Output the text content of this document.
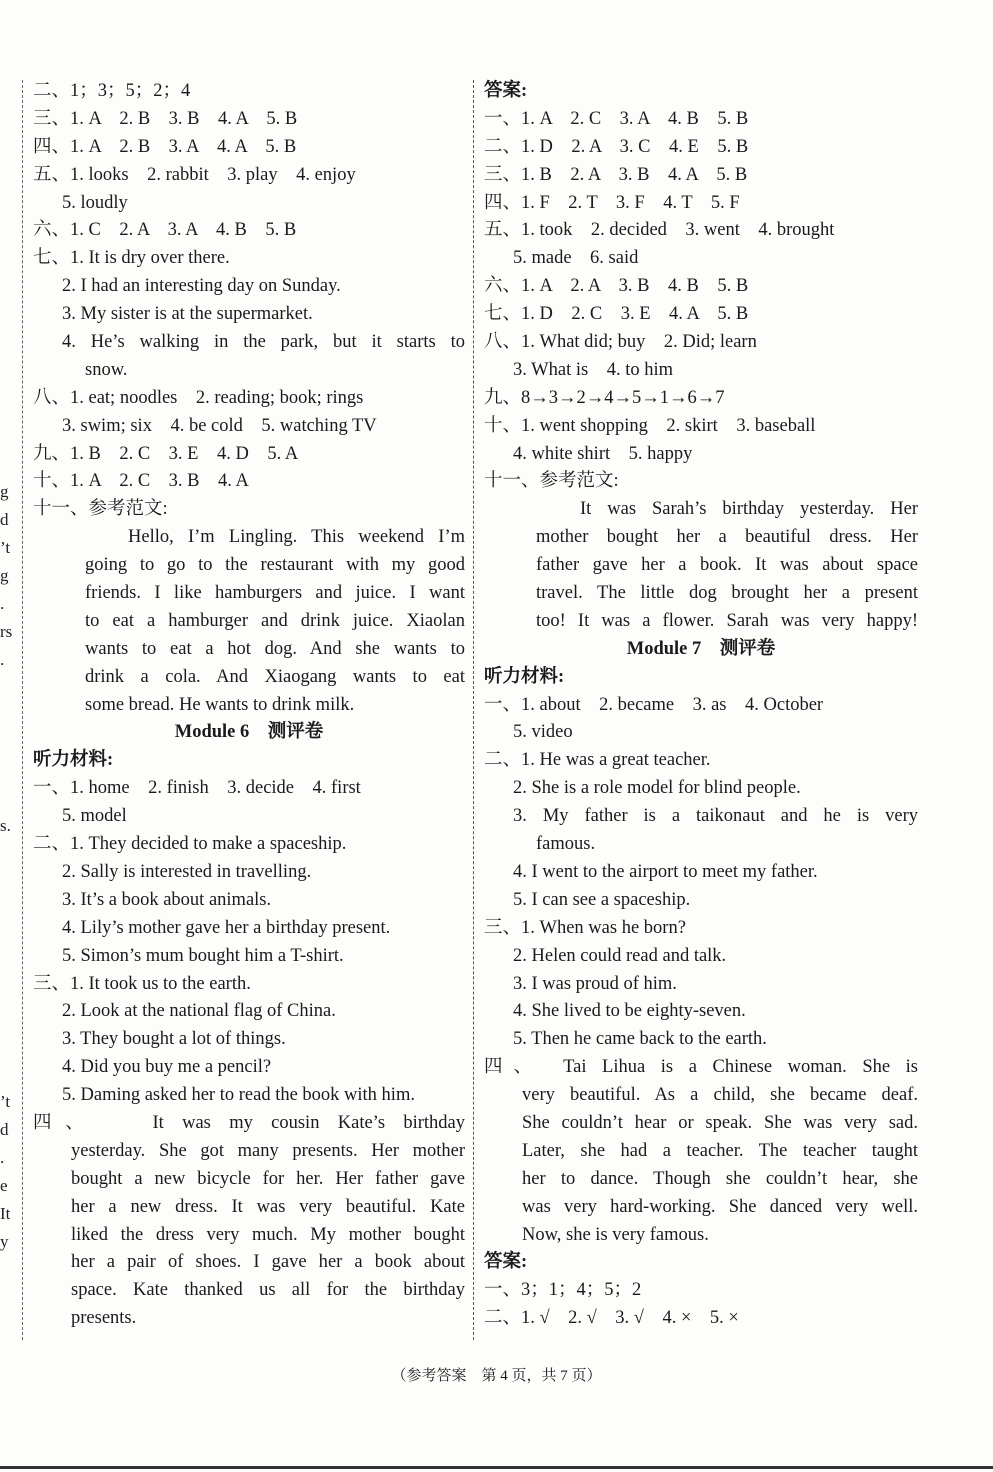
g
d
’t
g
.
rs
.
s.
’t
d
.
e
It
y
二、1；3；5；2；4
三、1. A　2. B　3. B　4. A　5. B
四、1. A　2. B　3. A　4. A　5. B
五、1. looks　2. rabbit　3. play　4. enjoy
5. loudly
六、1. C　2. A　3. A　4. B　5. B
七、1. It is dry over there.
2. I had an interesting day on Sunday.
3. My sister is at the supermarket.
4. He’s walking in the park, but it starts to
snow.
八、1. eat; noodles　2. reading; book; rings
3. swim; six　4. be cold　5. watching TV
九、1. B　2. C　3. E　4. D　5. A
十、1. A　2. C　3. B　4. A
十一、参考范文:
Hello, I’m Lingling. This weekend I’m
going to go to the restaurant with my good
friends. I like hamburgers and juice. I want
to eat a hamburger and drink juice. Xiaolan
wants to eat a hot dog. And she wants to
drink a cola. And Xiaogang wants to eat
some bread. He wants to drink milk.
Module 6　测评卷
听力材料:
一、1. home　2. finish　3. decide　4. first
5. model
二、1. They decided to make a spaceship.
2. Sally is interested in travelling.
3. It’s a book about animals.
4. Lily’s mother gave her a birthday present.
5. Simon’s mum bought him a T-shirt.
三、1. It took us to the earth.
2. Look at the national flag of China.
3. They bought a lot of things.
4. Did you buy me a pencil?
5. Daming asked her to read the book with him.
四、　　It was my cousin Kate’s birthday
yesterday. She got many presents. Her mother
bought a new bicycle for her. Her father gave
her a new dress. It was very beautiful. Kate
liked the dress very much. My mother bought
her a pair of shoes. I gave her a book about
space. Kate thanked us all for the birthday
presents.
答案:
一、1. A　2. C　3. A　4. B　5. B
二、1. D　2. A　3. C　4. E　5. B
三、1. B　2. A　3. B　4. A　5. B
四、1. F　2. T　3. F　4. T　5. F
五、1. took　2. decided　3. went　4. brought
5. made　6. said
六、1. A　2. A　3. B　4. B　5. B
七、1. D　2. C　3. E　4. A　5. B
八、1. What did; buy　2. Did; learn
3. What is　4. to him
九、8→3→2→4→5→1→6→7
十、1. went shopping　2. skirt　3. baseball
4. white shirt　5. happy
十一、参考范文:
It was Sarah’s birthday yesterday. Her
mother bought her a beautiful dress. Her
father gave her a book. It was about space
travel. The little dog brought her a present
too! It was a flower. Sarah was very happy!
Module 7　测评卷
听力材料:
一、1. about　2. became　3. as　4. October
5. video
二、1. He was a great teacher.
2. She is a role model for blind people.
3. My father is a taikonaut and he is very
famous.
4. I went to the airport to meet my father.
5. I can see a spaceship.
三、1. When was he born?
2. Helen could read and talk.
3. I was proud of him.
4. She lived to be eighty-seven.
5. Then he came back to the earth.
四、　Tai Lihua is a Chinese woman. She is
very beautiful. As a child, she became deaf.
She couldn’t hear or speak. She was very sad.
Later, she had a teacher. The teacher taught
her to dance. Though she couldn’t hear, she
was very hard-working. She danced very well.
Now, she is very famous.
答案:
一、3；1；4；5；2
二、1. √　2. √　3. √　4. ×　5. ×
（参考答案　第 4 页，共 7 页）
